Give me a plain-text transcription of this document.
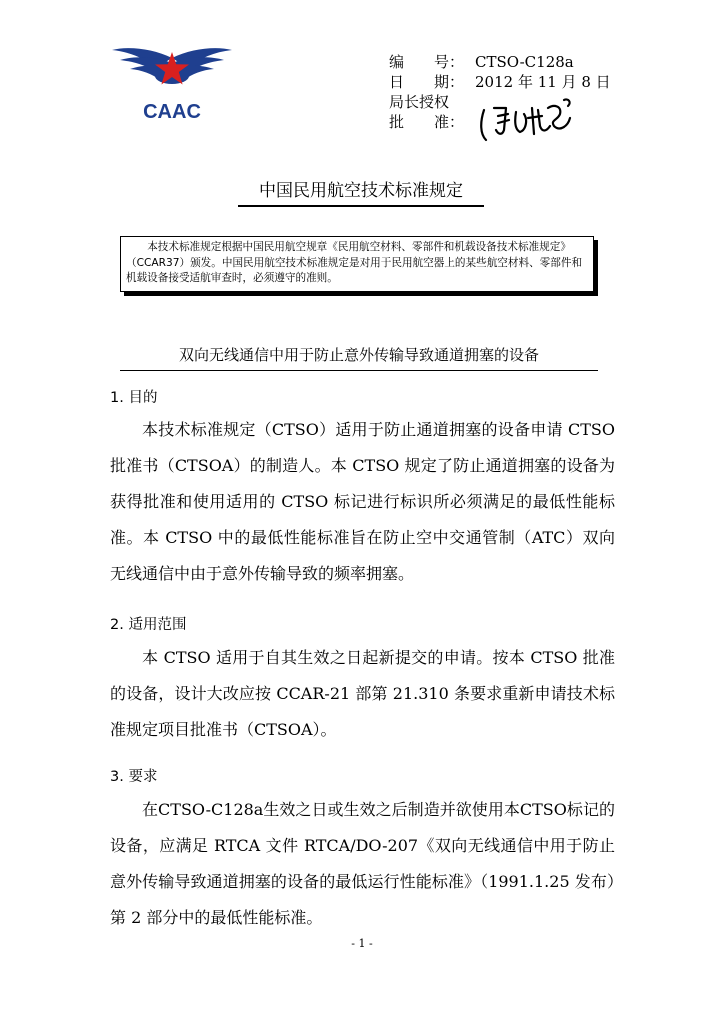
CAAC
编　　号： CTSO-C128a
日　　期： 2012 年 11 月 8 日
局长授权
批　　准：
中国民用航空技术标准规定
本技术标准规定根据中国民用航空规章《民用航空材料、零部件和机载设备技术标准规定》（CCAR37）颁发。中国民用航空技术标准规定是对用于民用航空器上的某些航空材料、零部件和机载设备接受适航审查时，必须遵守的准则。
双向无线通信中用于防止意外传输导致通道拥塞的设备
1. 目的
本技术标准规定（CTSO）适用于防止通道拥塞的设备申请 CTSO 批准书（CTSOA）的制造人。本 CTSO 规定了防止通道拥塞的设备为获得批准和使用适用的 CTSO 标记进行标识所必须满足的最低性能标准。本 CTSO 中的最低性能标准旨在防止空中交通管制（ATC）双向无线通信中由于意外传输导致的频率拥塞。
2. 适用范围
本 CTSO 适用于自其生效之日起新提交的申请。按本 CTSO 批准的设备，设计大改应按 CCAR-21 部第 21.310 条要求重新申请技术标准规定项目批准书（CTSOA）。
3. 要求
在CTSO-C128a生效之日或生效之后制造并欲使用本CTSO标记的设备，应满足 RTCA 文件 RTCA/DO-207《双向无线通信中用于防止意外传输导致通道拥塞的设备的最低运行性能标准》（1991.1.25 发布）第 2 部分中的最低性能标准。
- 1 -
